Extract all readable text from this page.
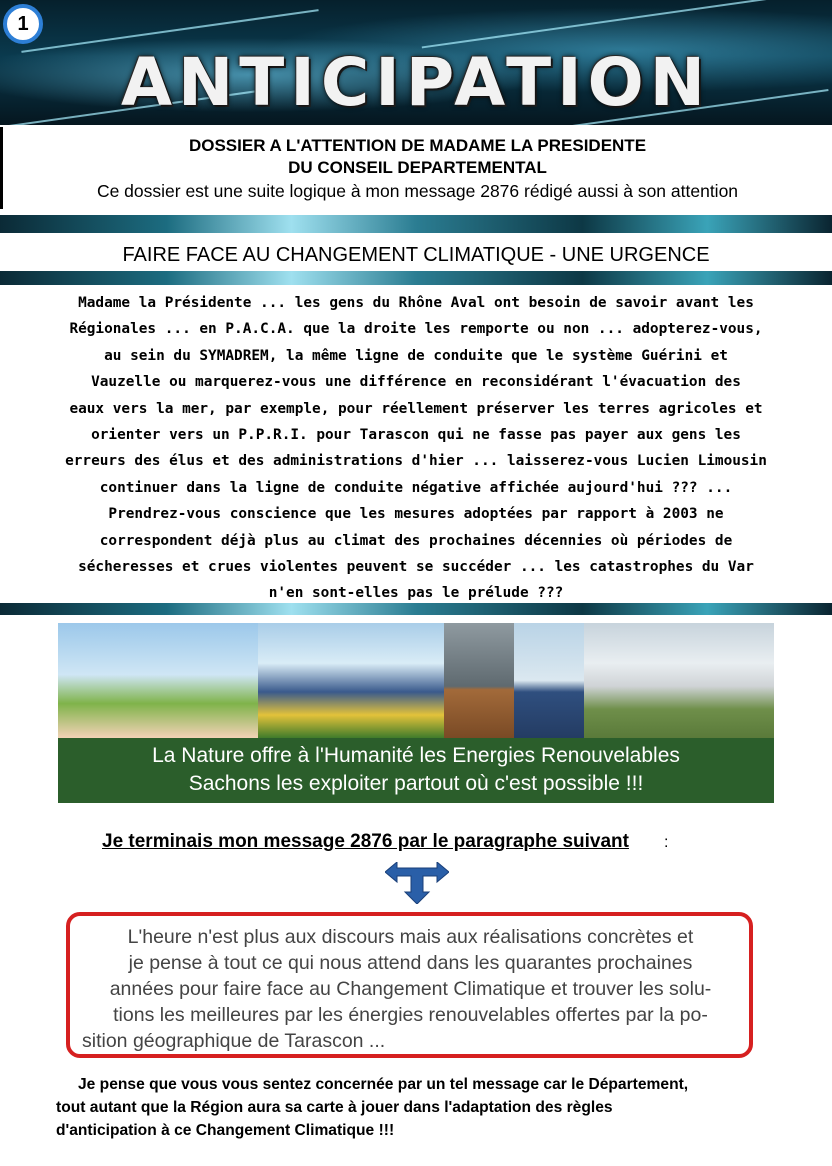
1
ANTICIPATION
DOSSIER A L'ATTENTION DE MADAME LA PRESIDENTE
DU CONSEIL DEPARTEMENTAL
Ce dossier est une suite logique à mon message 2876 rédigé aussi à son attention
FAIRE FACE AU CHANGEMENT CLIMATIQUE - UNE URGENCE
Madame la Présidente ... les gens du Rhône Aval ont besoin de savoir avant les
Régionales ... en P.A.C.A. que la droite les remporte ou non ... adopterez-vous,
au sein du SYMADREM, la même ligne de conduite que le système Guérini et
Vauzelle ou marquerez-vous une différence en reconsidérant l'évacuation des
eaux vers la mer, par exemple, pour réellement préserver les terres agricoles et
orienter vers un P.P.R.I. pour Tarascon qui ne fasse pas payer aux gens les
erreurs des élus et des administrations d'hier ... laisserez-vous Lucien Limousin
continuer dans la ligne de conduite négative affichée aujourd'hui ??? ...
Prendrez-vous conscience que les mesures adoptées par rapport à 2003 ne
correspondent déjà plus au climat des prochaines décennies où périodes de
sécheresses et crues violentes peuvent se succéder ... les catastrophes du Var
n'en sont-elles pas le prélude ???
La Nature offre à l'Humanité les Energies Renouvelables
Sachons les exploiter partout où c'est possible !!!
Je terminais mon message 2876 par le paragraphe suivant :
L'heure n'est plus aux discours mais aux réalisations concrètes et
je pense à tout ce qui nous attend dans les quarantes prochaines
années pour faire face au Changement Climatique et trouver les solu-
tions les meilleures par les énergies renouvelables offertes par la po-
sition géographique de Tarascon ...
Je pense que vous vous sentez concernée par un tel message car le Département,
tout autant que la Région aura sa carte à jouer dans l'adaptation des règles
d'anticipation à ce Changement Climatique !!!
